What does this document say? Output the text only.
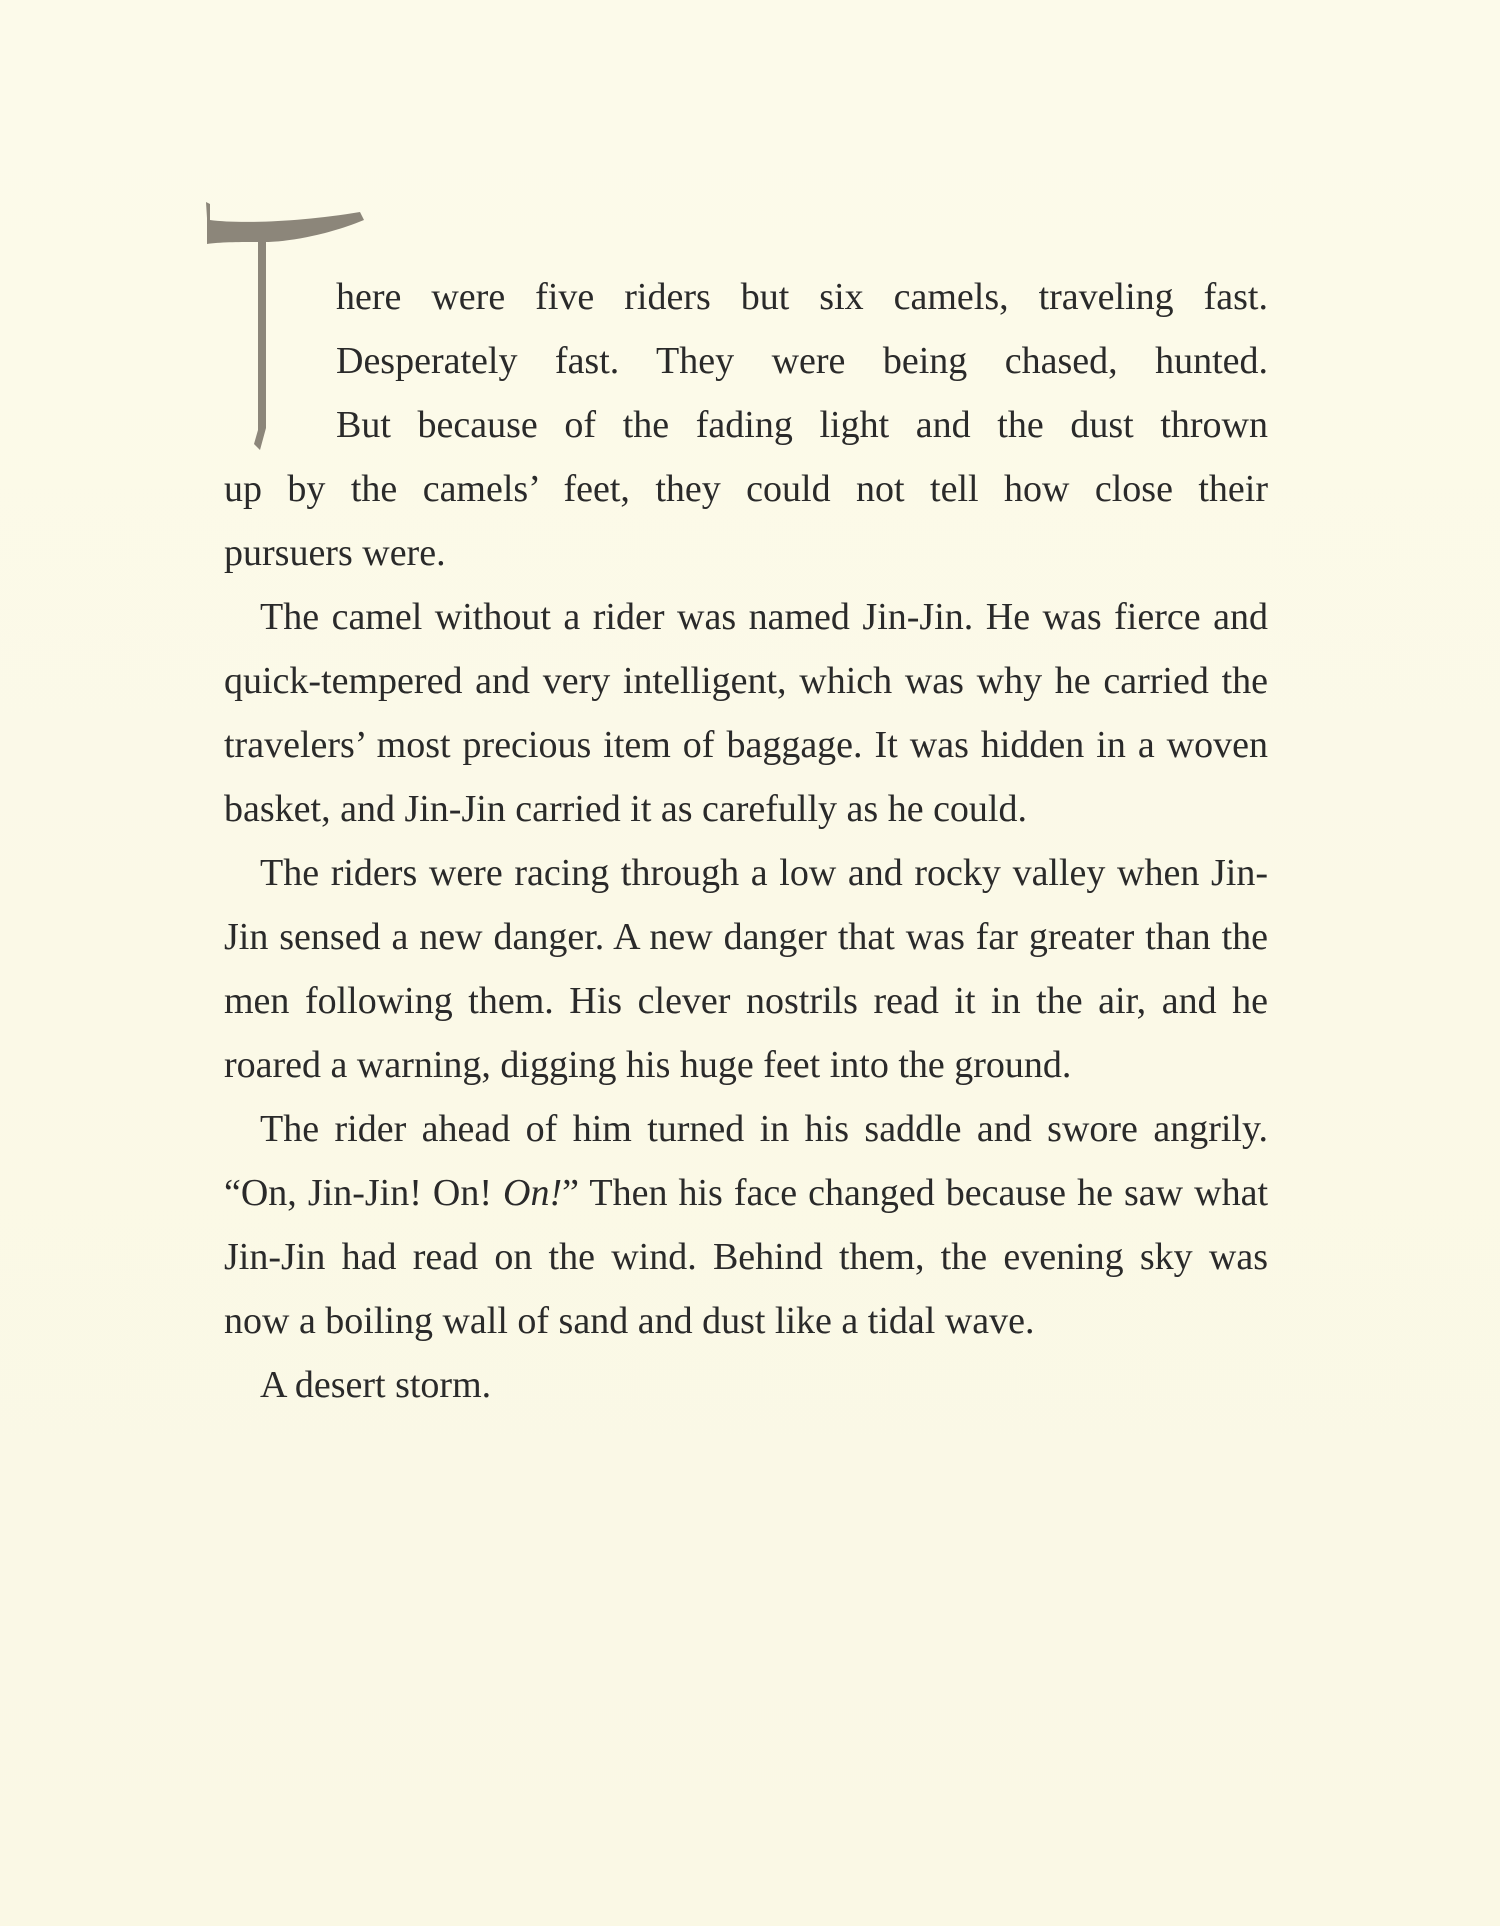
here were five riders but six camels, traveling fast.
Desperately fast. They were being chased, hunted.
But because of the fading light and the dust thrown
up by the camels’ feet, they could not tell how close their
pursuers were.

The camel without a rider was named Jin-Jin. He was fierce and quick-tempered and very intelligent, which was why he carried the travelers’ most precious item of baggage. It was hidden in a woven basket, and Jin-Jin carried it as carefully as he could.

The riders were racing through a low and rocky valley when Jin-Jin sensed a new danger. A new danger that was far greater than the men following them. His clever nostrils read it in the air, and he roared a warning, digging his huge feet into the ground.

The rider ahead of him turned in his saddle and swore angrily. “On, Jin-Jin! On! On!” Then his face changed because he saw what Jin-Jin had read on the wind. Behind them, the evening sky was now a boiling wall of sand and dust like a tidal wave.

A desert storm.
